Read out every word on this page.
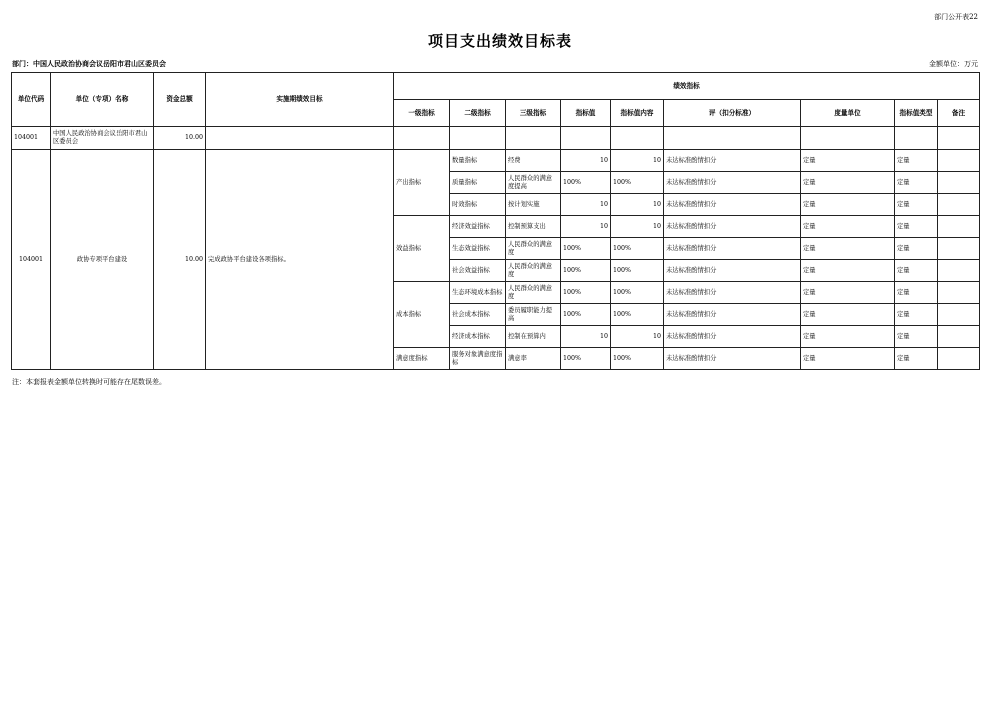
部门公开表22
项目支出绩效目标表
部门：中国人民政治协商会议岳阳市君山区委员会	金额单位：万元
单位代码	单位（专项）名称	资金总额	实施期绩效目标	绩效指标								
				一级指标	二级指标	三级指标	指标值	指标值内容	评（扣分标准）	度量单位	指标值类型	备注
104001	中国人民政治协商会议岳阳市君山区委员会	10.00										
104001	政协专项平台建设	10.00	完成政协平台建设各项指标。	产出指标	数量指标	经费	10	10	未达标准酌情扣分	定量	定量	
					质量指标	人民群众的满意度提高	100%	100%	未达标准酌情扣分	定量	定量	
					时效指标	按计划实施	10	10	未达标准酌情扣分	定量	定量	
				效益指标	经济效益指标	控制预算支出	10	10	未达标准酌情扣分	定量	定量	
					生态效益指标	人民群众的满意度	100%	100%	未达标准酌情扣分	定量	定量	
					社会效益指标	人民群众的满意度	100%	100%	未达标准酌情扣分	定量	定量	
				成本指标	生态环境成本指标	人民群众的满意度	100%	100%	未达标准酌情扣分	定量	定量	
					社会成本指标	委员履职能力提高	100%	100%	未达标准酌情扣分	定量	定量	
					经济成本指标	控制在预算内	10	10	未达标准酌情扣分	定量	定量	
				满意度指标	服务对象满意度指标	满意率	100%	100%	未达标准酌情扣分	定量	定量	
注：本套报表金额单位转换时可能存在尾数误差。
